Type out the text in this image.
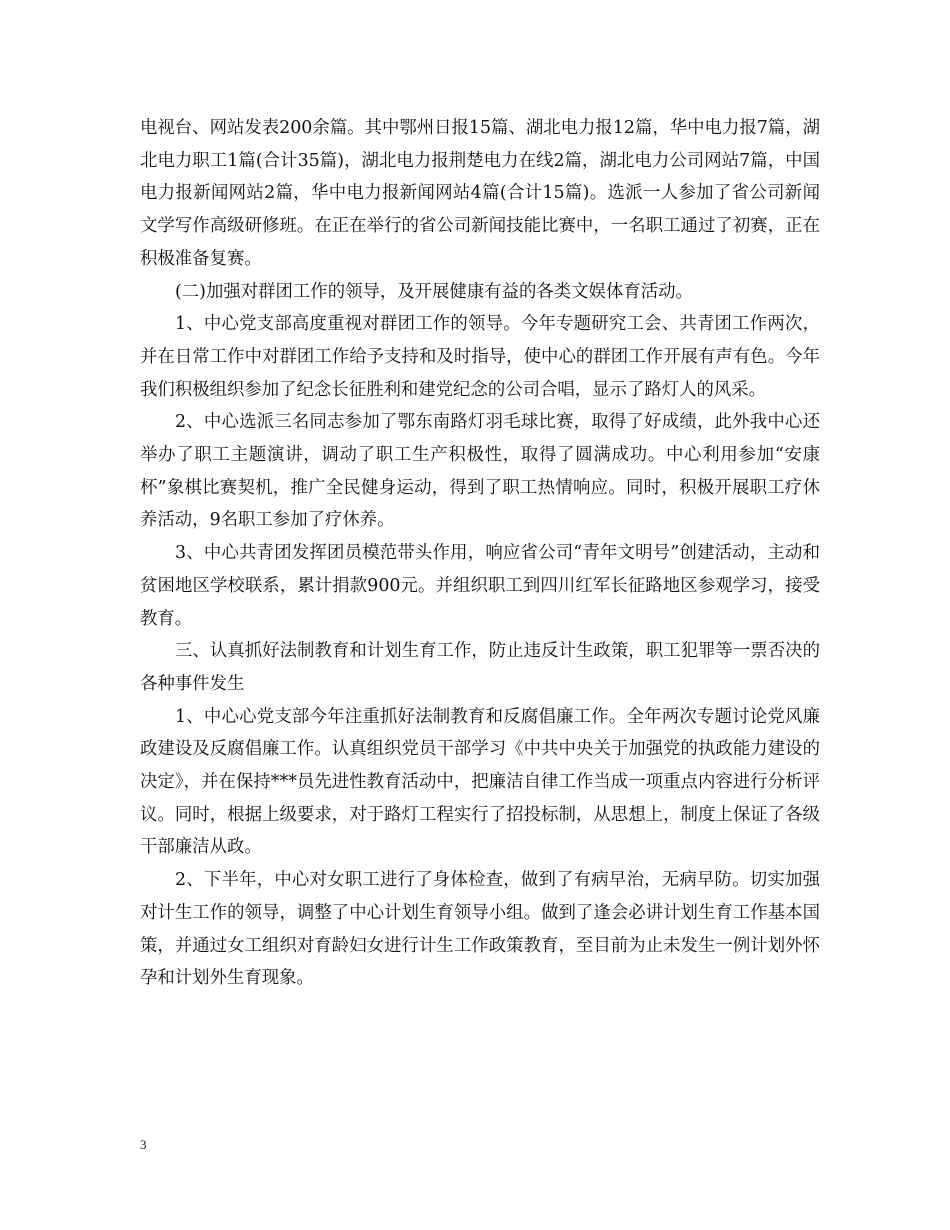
电视台、网站发表200余篇。其中鄂州日报15篇、湖北电力报12篇，华中电力报7篇，湖北电力职工1篇(合计35篇)，湖北电力报荆楚电力在线2篇，湖北电力公司网站7篇，中国电力报新闻网站2篇，华中电力报新闻网站4篇(合计15篇)。选派一人参加了省公司新闻文学写作高级研修班。在正在举行的省公司新闻技能比赛中，一名职工通过了初赛，正在积极准备复赛。

(二)加强对群团工作的领导，及开展健康有益的各类文娱体育活动。

1、中心党支部高度重视对群团工作的领导。今年专题研究工会、共青团工作两次，并在日常工作中对群团工作给予支持和及时指导，使中心的群团工作开展有声有色。今年我们积极组织参加了纪念长征胜利和建党纪念的公司合唱，显示了路灯人的风采。

2、中心选派三名同志参加了鄂东南路灯羽毛球比赛，取得了好成绩，此外我中心还举办了职工主题演讲，调动了职工生产积极性，取得了圆满成功。中心利用参加“安康杯”象棋比赛契机，推广全民健身运动，得到了职工热情响应。同时，积极开展职工疗休养活动，9名职工参加了疗休养。

3、中心共青团发挥团员模范带头作用，响应省公司“青年文明号”创建活动，主动和贫困地区学校联系，累计捐款900元。并组织职工到四川红军长征路地区参观学习，接受教育。

三、认真抓好法制教育和计划生育工作，防止违反计生政策，职工犯罪等一票否决的各种事件发生

1、中心心党支部今年注重抓好法制教育和反腐倡廉工作。全年两次专题讨论党风廉政建设及反腐倡廉工作。认真组织党员干部学习《中共中央关于加强党的执政能力建设的决定》，并在保持***员先进性教育活动中，把廉洁自律工作当成一项重点内容进行分析评议。同时，根据上级要求，对于路灯工程实行了招投标制，从思想上，制度上保证了各级干部廉洁从政。

2、下半年，中心对女职工进行了身体检查，做到了有病早治，无病早防。切实加强对计生工作的领导，调整了中心计划生育领导小组。做到了逢会必讲计划生育工作基本国策，并通过女工组织对育龄妇女进行计生工作政策教育，至目前为止未发生一例计划外怀孕和计划外生育现象。

3
